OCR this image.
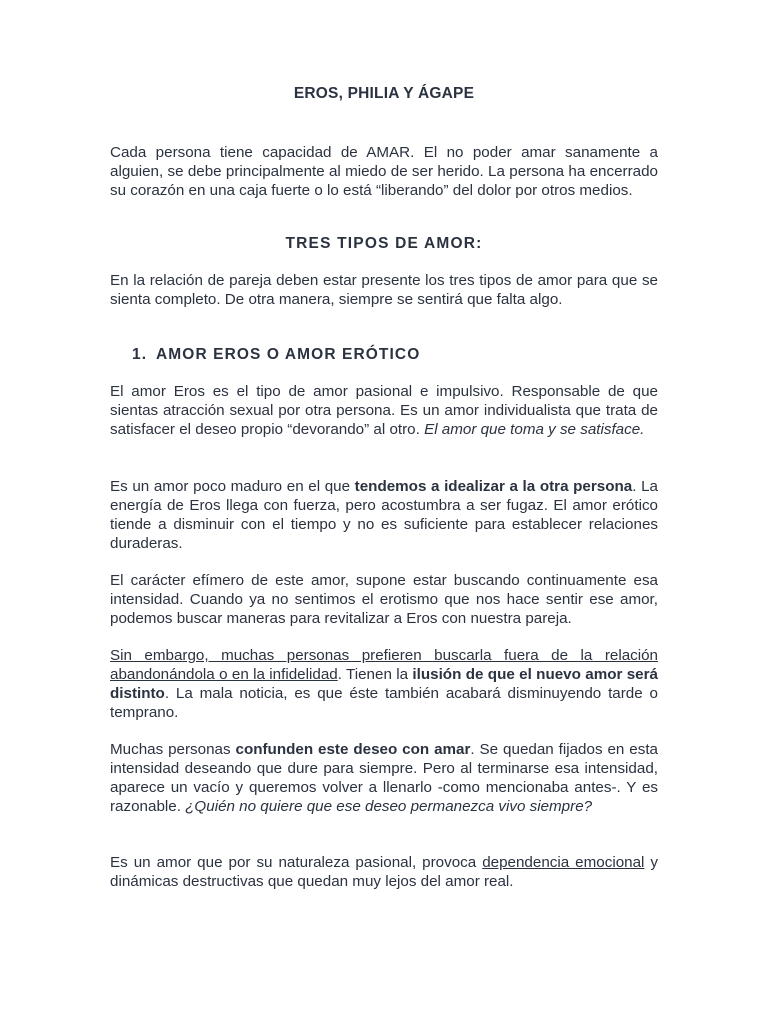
EROS, PHILIA Y ÁGAPE
Cada persona tiene capacidad de AMAR. El no poder amar sanamente a alguien, se debe principalmente al miedo de ser herido. La persona ha encerrado su corazón en una caja fuerte o lo está “liberando” del dolor por otros medios.
TRES TIPOS DE AMOR:
En la relación de pareja deben estar presente los tres tipos de amor para que se sienta completo. De otra manera, siempre se sentirá que falta algo.
1. AMOR EROS O AMOR ERÓTICO
El amor Eros es el tipo de amor pasional e impulsivo. Responsable de que sientas atracción sexual por otra persona. Es un amor individualista que trata de satisfacer el deseo propio “devorando” al otro. El amor que toma y se satisface.
Es un amor poco maduro en el que tendemos a idealizar a la otra persona. La energía de Eros llega con fuerza, pero acostumbra a ser fugaz. El amor erótico tiende a disminuir con el tiempo y no es suficiente para establecer relaciones duraderas.
El carácter efímero de este amor, supone estar buscando continuamente esa intensidad. Cuando ya no sentimos el erotismo que nos hace sentir ese amor, podemos buscar maneras para revitalizar a Eros con nuestra pareja.
Sin embargo, muchas personas prefieren buscarla fuera de la relación abandonándola o en la infidelidad. Tienen la ilusión de que el nuevo amor será distinto. La mala noticia, es que éste también acabará disminuyendo tarde o temprano.
Muchas personas confunden este deseo con amar. Se quedan fijados en esta intensidad deseando que dure para siempre. Pero al terminarse esa intensidad, aparece un vacío y queremos volver a llenarlo -como mencionaba antes-. Y es razonable. ¿Quién no quiere que ese deseo permanezca vivo siempre?
Es un amor que por su naturaleza pasional, provoca dependencia emocional y dinámicas destructivas que quedan muy lejos del amor real.
